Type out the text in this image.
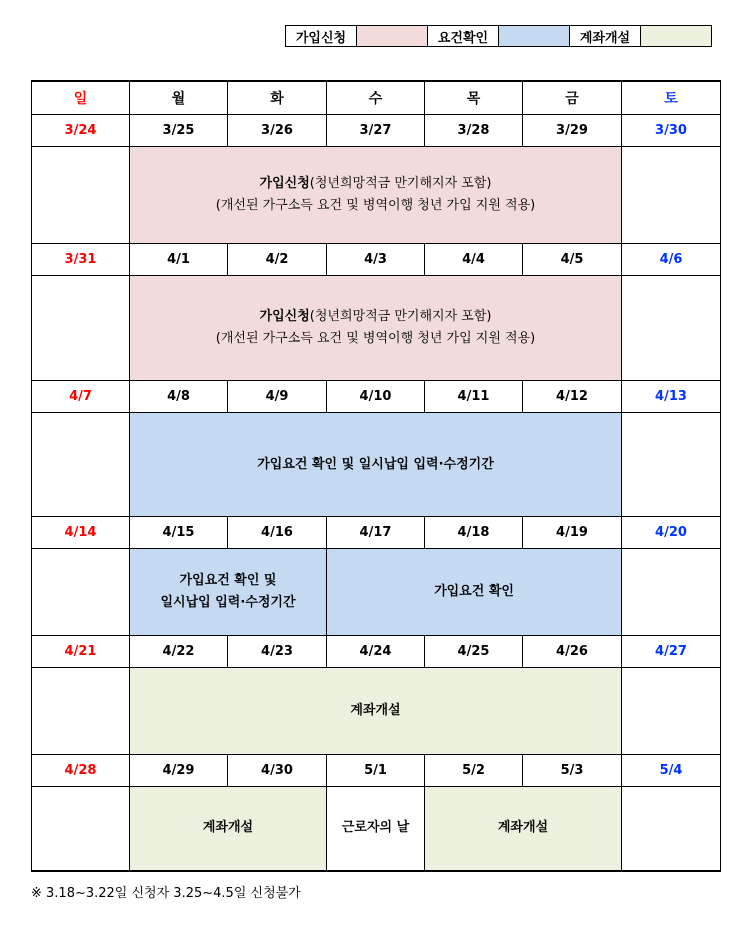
가입신청		요건확인		계좌개설	
일	월	화	수	목	금	토
3/24	3/25	3/26	3/27	3/28	3/29	3/30

	가입신청(청년희망적금 만기해지자 포함)
(개선된 가구소득 요건 및 병역이행 청년 가입 지원 적용)					

3/31	4/1	4/2	4/3	4/4	4/5	4/6

	가입신청(청년희망적금 만기해지자 포함)
(개선된 가구소득 요건 및 병역이행 청년 가입 지원 적용)					

4/7	4/8	4/9	4/10	4/11	4/12	4/13
	가입요건 확인 및 일시납입 입력·수정기간					
4/14	4/15	4/16	4/17	4/18	4/19	4/20

	가입요건 확인 및
일시납입 입력·수정기간		가입요건 확인			
4/21	4/22	4/23	4/24	4/25	4/26	4/27
	계좌개설					
4/28	4/29	4/30	5/1	5/2	5/3	5/4
	계좌개설		근로자의 날	계좌개설		
※ 3.18~3.22일 신청자 3.25~4.5일 신청불가
